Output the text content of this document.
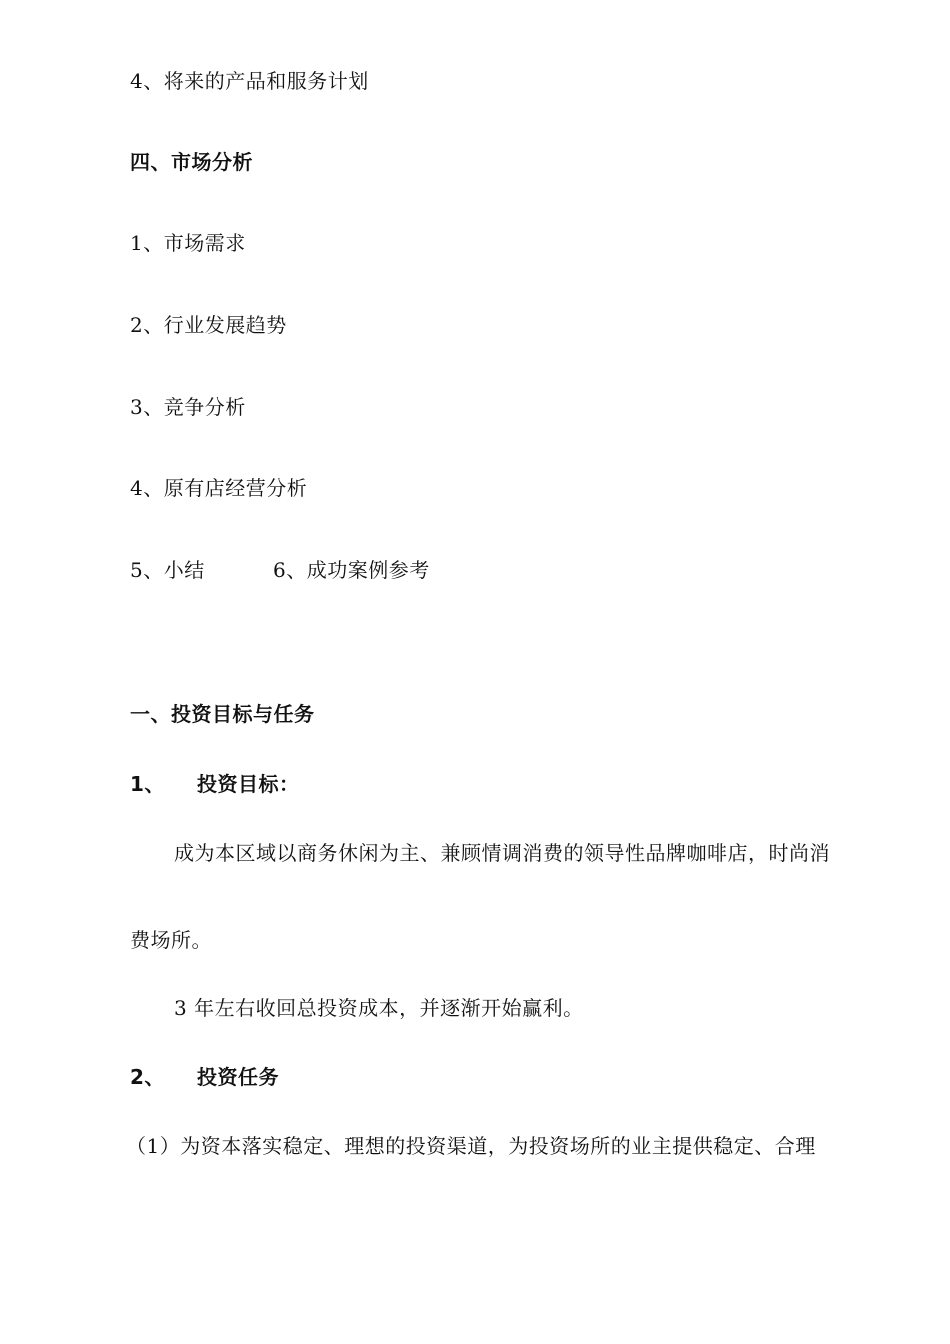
4、将来的产品和服务计划
四、市场分析
1、市场需求
2、行业发展趋势
3、竞争分析
4、原有店经营分析
5、小结	6、成功案例参考
一、投资目标与任务
1、 投资目标：
成为本区域以商务休闲为主、兼顾情调消费的领导性品牌咖啡店，时尚消
费场所。
3 年左右收回总投资成本，并逐渐开始赢利。
2、 投资任务
（1）为资本落实稳定、理想的投资渠道，为投资场所的业主提供稳定、合理
